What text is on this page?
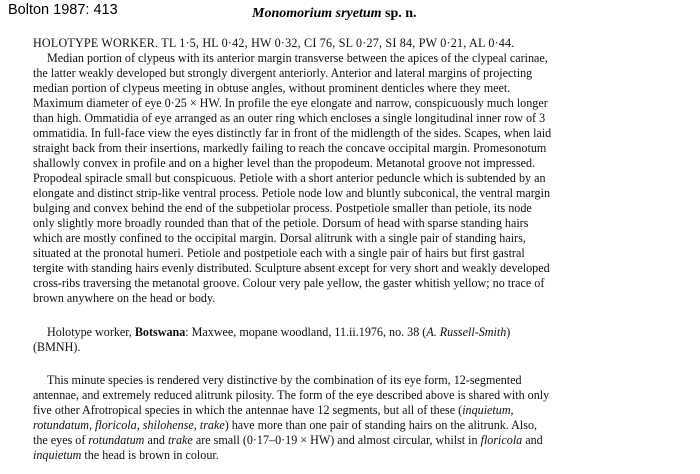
Bolton 1987: 413	Monomorium sryetum sp. n.
HOLOTYPE WORKER. TL 1·5, HL 0·42, HW 0·32, CI 76, SL 0·27, SI 84, PW 0·21, AL 0·44.
Median portion of clypeus with its anterior margin transverse between the apices of the clypeal carinae,
the latter weakly developed but strongly divergent anteriorly. Anterior and lateral margins of projecting
median portion of clypeus meeting in obtuse angles, without prominent denticles where they meet.
Maximum diameter of eye 0·25 × HW. In profile the eye elongate and narrow, conspicuously much longer
than high. Ommatidia of eye arranged as an outer ring which encloses a single longitudinal inner row of 3
ommatidia. In full-face view the eyes distinctly far in front of the midlength of the sides. Scapes, when laid
straight back from their insertions, markedly failing to reach the concave occipital margin. Promesonotum
shallowly convex in profile and on a higher level than the propodeum. Metanotal groove not impressed.
Propodeal spiracle small but conspicuous. Petiole with a short anterior peduncle which is subtended by an
elongate and distinct strip-like ventral process. Petiole node low and bluntly subconical, the ventral margin
bulging and convex behind the end of the subpetiolar process. Postpetiole smaller than petiole, its node
only slightly more broadly rounded than that of the petiole. Dorsum of head with sparse standing hairs
which are mostly confined to the occipital margin. Dorsal alitrunk with a single pair of standing hairs,
situated at the pronotal humeri. Petiole and postpetiole each with a single pair of hairs but first gastral
tergite with standing hairs evenly distributed. Sculpture absent except for very short and weakly developed
cross-ribs traversing the metanotal groove. Colour very pale yellow, the gaster whitish yellow; no trace of
brown anywhere on the head or body.
Holotype worker, Botswana: Maxwee, mopane woodland, 11.ii.1976, no. 38 (A. Russell-Smith)
(BMNH).
This minute species is rendered very distinctive by the combination of its eye form, 12-segmented
antennae, and extremely reduced alitrunk pilosity. The form of the eye described above is shared with only
five other Afrotropical species in which the antennae have 12 segments, but all of these (inquietum,
rotundatum, floricola, shilohense, trake) have more than one pair of standing hairs on the alitrunk. Also,
the eyes of rotundatum and trake are small (0·17–0·19 × HW) and almost circular, whilst in floricola and
inquietum the head is brown in colour.
